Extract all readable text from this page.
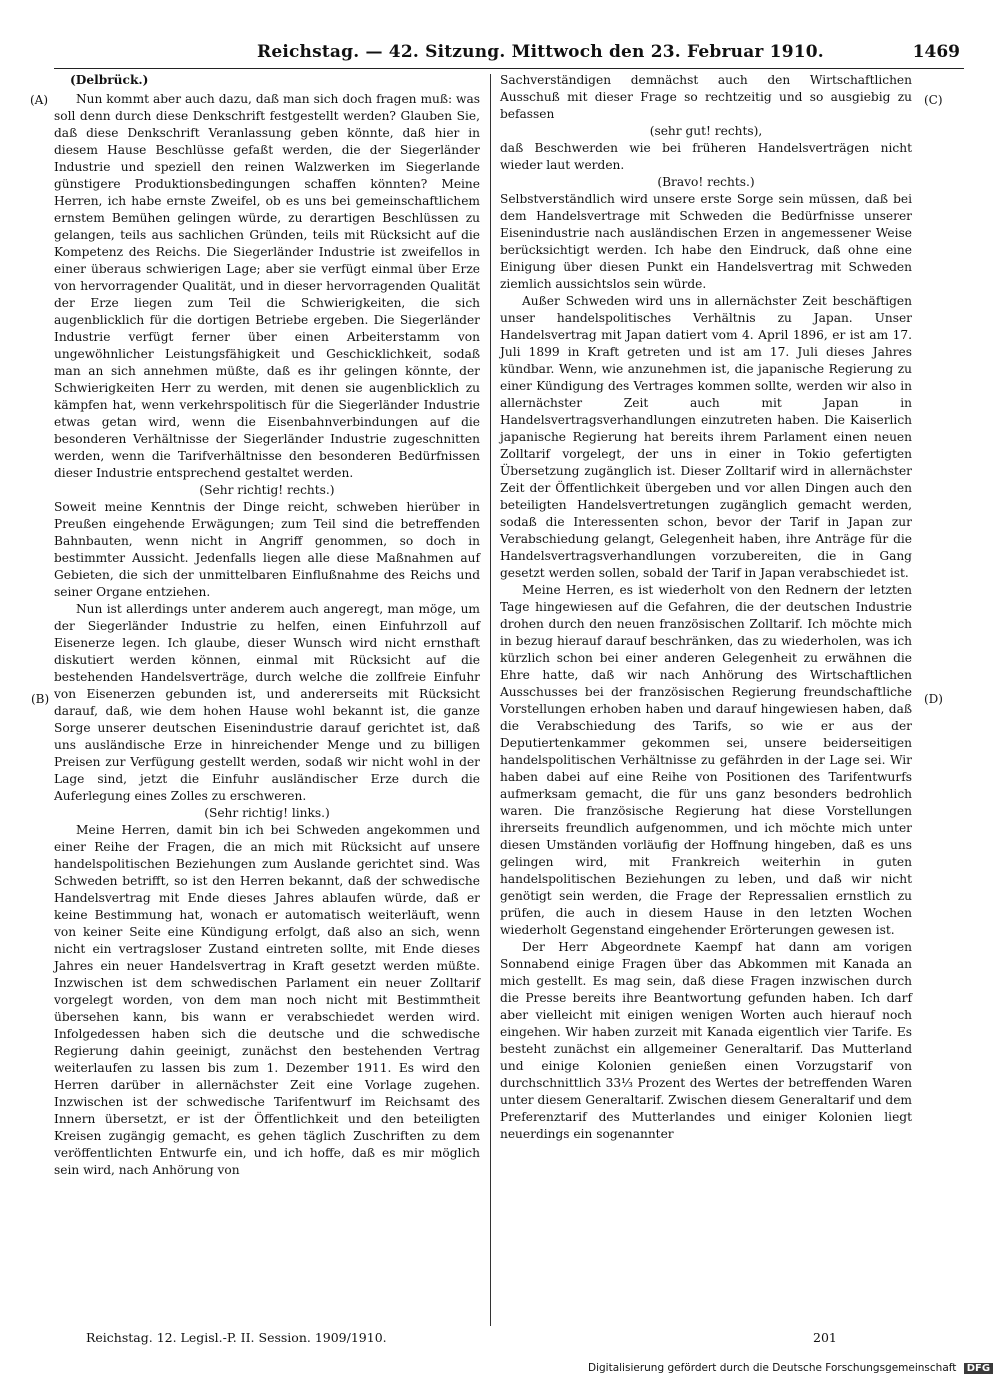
Reichstag. — 42. Sitzung. Mittwoch den 23. Februar 1910.	1469
(A)
(B)
(C)
(D)
(Delbrück.)

Nun kommt aber auch dazu, daß man sich doch fragen muß: was soll denn durch diese Denkschrift festgestellt werden? Glauben Sie, daß diese Denkschrift Veranlassung geben könnte, daß hier in diesem Hause Beschlüsse gefaßt werden, die der Siegerländer Industrie und speziell den reinen Walzwerken im Siegerlande günstigere Produktionsbedingungen schaffen könnten? Meine Herren, ich habe ernste Zweifel, ob es uns bei gemeinschaftlichem ernstem Bemühen gelingen würde, zu derartigen Beschlüssen zu gelangen, teils aus sachlichen Gründen, teils mit Rücksicht auf die Kompetenz des Reichs. Die Siegerländer Industrie ist zweifellos in einer überaus schwierigen Lage; aber sie verfügt einmal über Erze von hervorragender Qualität, und in dieser hervorragenden Qualität der Erze liegen zum Teil die Schwierigkeiten, die sich augenblicklich für die dortigen Betriebe ergeben. Die Siegerländer Industrie verfügt ferner über einen Arbeiterstamm von ungewöhnlicher Leistungsfähigkeit und Geschicklichkeit, sodaß man an sich annehmen müßte, daß es ihr gelingen könnte, der Schwierigkeiten Herr zu werden, mit denen sie augenblicklich zu kämpfen hat, wenn verkehrspolitisch für die Siegerländer Industrie etwas getan wird, wenn die Eisenbahnverbindungen auf die besonderen Verhältnisse der Siegerländer Industrie zugeschnitten werden, wenn die Tarifverhältnisse den besonderen Bedürfnissen dieser Industrie entsprechend gestaltet werden.

(Sehr richtig! rechts.)

Soweit meine Kenntnis der Dinge reicht, schweben hierüber in Preußen eingehende Erwägungen; zum Teil sind die betreffenden Bahnbauten, wenn nicht in Angriff genommen, so doch in bestimmter Aussicht. Jedenfalls liegen alle diese Maßnahmen auf Gebieten, die sich der unmittelbaren Einflußnahme des Reichs und seiner Organe entziehen.

Nun ist allerdings unter anderem auch angeregt, man möge, um der Siegerländer Industrie zu helfen, einen Einfuhrzoll auf Eisenerze legen. Ich glaube, dieser Wunsch wird nicht ernsthaft diskutiert werden können, einmal mit Rücksicht auf die bestehenden Handelsverträge, durch welche die zollfreie Einfuhr von Eisenerzen gebunden ist, und andererseits mit Rücksicht darauf, daß, wie dem hohen Hause wohl bekannt ist, die ganze Sorge unserer deutschen Eisenindustrie darauf gerichtet ist, daß uns ausländische Erze in hinreichender Menge und zu billigen Preisen zur Verfügung gestellt werden, sodaß wir nicht wohl in der Lage sind, jetzt die Einfuhr ausländischer Erze durch die Auferlegung eines Zolles zu erschweren.

(Sehr richtig! links.)

Meine Herren, damit bin ich bei Schweden angekommen und einer Reihe der Fragen, die an mich mit Rücksicht auf unsere handelspolitischen Beziehungen zum Auslande gerichtet sind. Was Schweden betrifft, so ist den Herren bekannt, daß der schwedische Handelsvertrag mit Ende dieses Jahres ablaufen würde, daß er keine Bestimmung hat, wonach er automatisch weiterläuft, wenn von keiner Seite eine Kündigung erfolgt, daß also an sich, wenn nicht ein vertragsloser Zustand eintreten sollte, mit Ende dieses Jahres ein neuer Handelsvertrag in Kraft gesetzt werden müßte. Inzwischen ist dem schwedischen Parlament ein neuer Zolltarif vorgelegt worden, von dem man noch nicht mit Bestimmtheit übersehen kann, bis wann er verabschiedet werden wird. Infolgedessen haben sich die deutsche und die schwedische Regierung dahin geeinigt, zunächst den bestehenden Vertrag weiterlaufen zu lassen bis zum 1. Dezember 1911. Es wird den Herren darüber in allernächster Zeit eine Vorlage zugehen. Inzwischen ist der schwedische Tarifentwurf im Reichsamt des Innern übersetzt, er ist der Öffentlichkeit und den beteiligten Kreisen zugängig gemacht, es gehen täglich Zuschriften zu dem veröffentlichten Entwurfe ein, und ich hoffe, daß es mir möglich sein wird, nach Anhörung von

Sachverständigen demnächst auch den Wirtschaftlichen Ausschuß mit dieser Frage so rechtzeitig und so ausgiebig zu befassen

(sehr gut! rechts),

daß Beschwerden wie bei früheren Handelsverträgen nicht wieder laut werden.

(Bravo! rechts.)

Selbstverständlich wird unsere erste Sorge sein müssen, daß bei dem Handelsvertrage mit Schweden die Bedürfnisse unserer Eisenindustrie nach ausländischen Erzen in angemessener Weise berücksichtigt werden. Ich habe den Eindruck, daß ohne eine Einigung über diesen Punkt ein Handelsvertrag mit Schweden ziemlich aussichtslos sein würde.

Außer Schweden wird uns in allernächster Zeit beschäftigen unser handelspolitisches Verhältnis zu Japan. Unser Handelsvertrag mit Japan datiert vom 4. April 1896, er ist am 17. Juli 1899 in Kraft getreten und ist am 17. Juli dieses Jahres kündbar. Wenn, wie anzunehmen ist, die japanische Regierung zu einer Kündigung des Vertrages kommen sollte, werden wir also in allernächster Zeit auch mit Japan in Handelsvertragsverhandlungen einzutreten haben. Die Kaiserlich japanische Regierung hat bereits ihrem Parlament einen neuen Zolltarif vorgelegt, der uns in einer in Tokio gefertigten Übersetzung zugänglich ist. Dieser Zolltarif wird in allernächster Zeit der Öffentlichkeit übergeben und vor allen Dingen auch den beteiligten Handelsvertretungen zugänglich gemacht werden, sodaß die Interessenten schon, bevor der Tarif in Japan zur Verabschiedung gelangt, Gelegenheit haben, ihre Anträge für die Handelsvertragsverhandlungen vorzubereiten, die in Gang gesetzt werden sollen, sobald der Tarif in Japan verabschiedet ist.

Meine Herren, es ist wiederholt von den Rednern der letzten Tage hingewiesen auf die Gefahren, die der deutschen Industrie drohen durch den neuen französischen Zolltarif. Ich möchte mich in bezug hierauf darauf beschränken, das zu wiederholen, was ich kürzlich schon bei einer anderen Gelegenheit zu erwähnen die Ehre hatte, daß wir nach Anhörung des Wirtschaftlichen Ausschusses bei der französischen Regierung freundschaftliche Vorstellungen erhoben haben und darauf hingewiesen haben, daß die Verabschiedung des Tarifs, so wie er aus der Deputiertenkammer gekommen sei, unsere beiderseitigen handelspolitischen Verhältnisse zu gefährden in der Lage sei. Wir haben dabei auf eine Reihe von Positionen des Tarifentwurfs aufmerksam gemacht, die für uns ganz besonders bedrohlich waren. Die französische Regierung hat diese Vorstellungen ihrerseits freundlich aufgenommen, und ich möchte mich unter diesen Umständen vorläufig der Hoffnung hingeben, daß es uns gelingen wird, mit Frankreich weiterhin in guten handelspolitischen Beziehungen zu leben, und daß wir nicht genötigt sein werden, die Frage der Repressalien ernstlich zu prüfen, die auch in diesem Hause in den letzten Wochen wiederholt Gegenstand eingehender Erörterungen gewesen ist.

Der Herr Abgeordnete Kaempf hat dann am vorigen Sonnabend einige Fragen über das Abkommen mit Kanada an mich gestellt. Es mag sein, daß diese Fragen inzwischen durch die Presse bereits ihre Beantwortung gefunden haben. Ich darf aber vielleicht mit einigen wenigen Worten auch hierauf noch eingehen. Wir haben zurzeit mit Kanada eigentlich vier Tarife. Es besteht zunächst ein allgemeiner Generaltarif. Das Mutterland und einige Kolonien genießen einen Vorzugstarif von durchschnittlich 33⅓ Prozent des Wertes der betreffenden Waren unter diesem Generaltarif. Zwischen diesem Generaltarif und dem Preferenztarif des Mutterlandes und einiger Kolonien liegt neuerdings ein sogenannter

Reichstag. 12. Legisl.-P. II. Session. 1909/1910.	201
Digitalisierung gefördert durch die Deutsche Forschungsgemeinschaft DFG
